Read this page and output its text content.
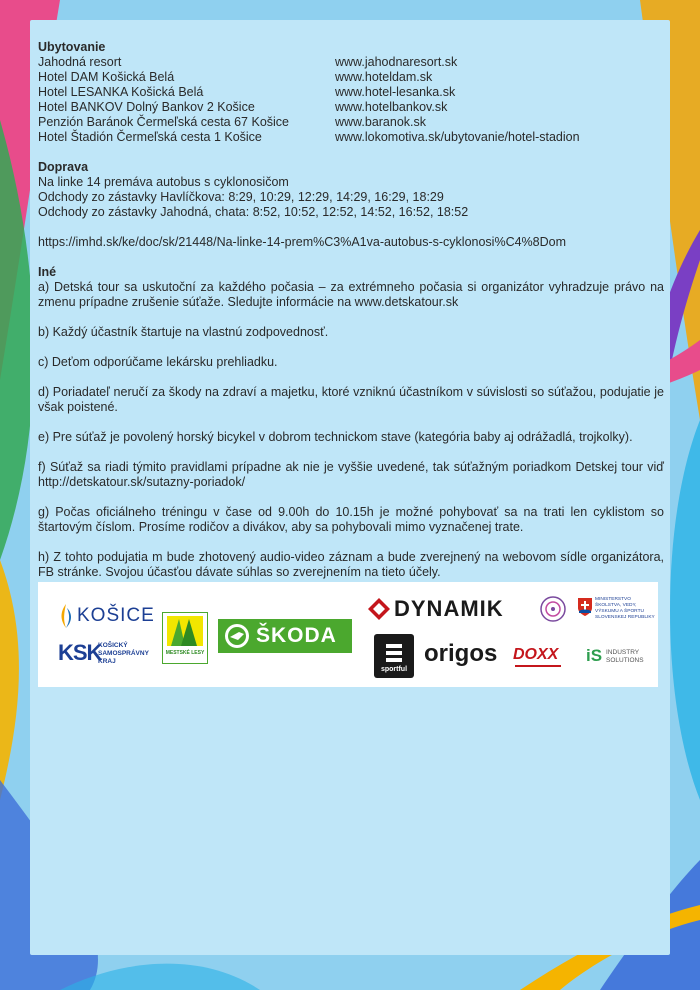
Ubytovanie
Jahodná resort	www.jahodnaresort.sk
Hotel DAM Košická Belá	www.hoteldam.sk
Hotel LESANKA Košická Belá	www.hotel-lesanka.sk
Hotel BANKOV Dolný Bankov 2 Košice	www.hotelbankov.sk
Penzión Baránok Čermeľská cesta 67 Košice	www.baranok.sk
Hotel Štadión Čermeľská cesta 1 Košice	www.lokomotiva.sk/ubytovanie/hotel-stadion
Doprava
Na linke 14 premáva autobus s cyklonosičom
Odchody zo zástavky Havlíčkova: 8:29, 10:29, 12:29, 14:29, 16:29, 18:29
Odchody zo zástavky Jahodná, chata: 8:52, 10:52, 12:52, 14:52, 16:52, 18:52
https://imhd.sk/ke/doc/sk/21448/Na-linke-14-prem%C3%A1va-autobus-s-cyklonosi%C4%8Dom
Iné

a) Detská tour sa uskutoční za každého počasia – za extrémneho počasia si organizátor vyhradzuje právo na zmenu prípadne zrušenie súťaže. Sledujte informácie na www.detskatour.sk

b) Každý účastník štartuje na vlastnú zodpovednosť.

c) Deťom odporúčame lekársku prehliadku.

d) Poriadateľ neručí za škody na zdraví a majetku, ktoré vzniknú účastníkom v súvislosti so súťažou, podujatie je však poistené.

e) Pre súťaž je povolený horský bicykel v dobrom technickom stave (kategória baby aj odrážadlá, trojkolky).

f) Súťaž sa riadi týmito pravidlami prípadne ak nie je vyššie uvedené, tak súťažným poriadkom Detskej tour viď http://detskatour.sk/sutazny-poriadok/

g) Počas oficiálneho tréningu v čase od 9.00h do 10.15h je možné pohybovať sa na trati len cyklistom so štartovým číslom. Prosíme rodičov a divákov, aby sa pohybovali mimo vyznačenej trate.

h) Z tohto podujatia m bude zhotovený audio-video záznam a bude zverejnený na webovom sídle organizátora, FB stránke. Svojou účasťou dávate súhlas so zverejnením na tieto účely.

KOŠICE
KSK
KOŠICKÝ
SAMOSPRÁVNY
KRAJ
MESTSKÉ LESY
ŠKODA
DYNAMIK	MINISTERSTVO
ŠKOLSTVA, VEDY,
VÝSKUMU A ŠPORTU
SLOVENSKEJ REPUBLIKY
sportful
origos DOXX iS INDUSTRY
SOLUTIONS
